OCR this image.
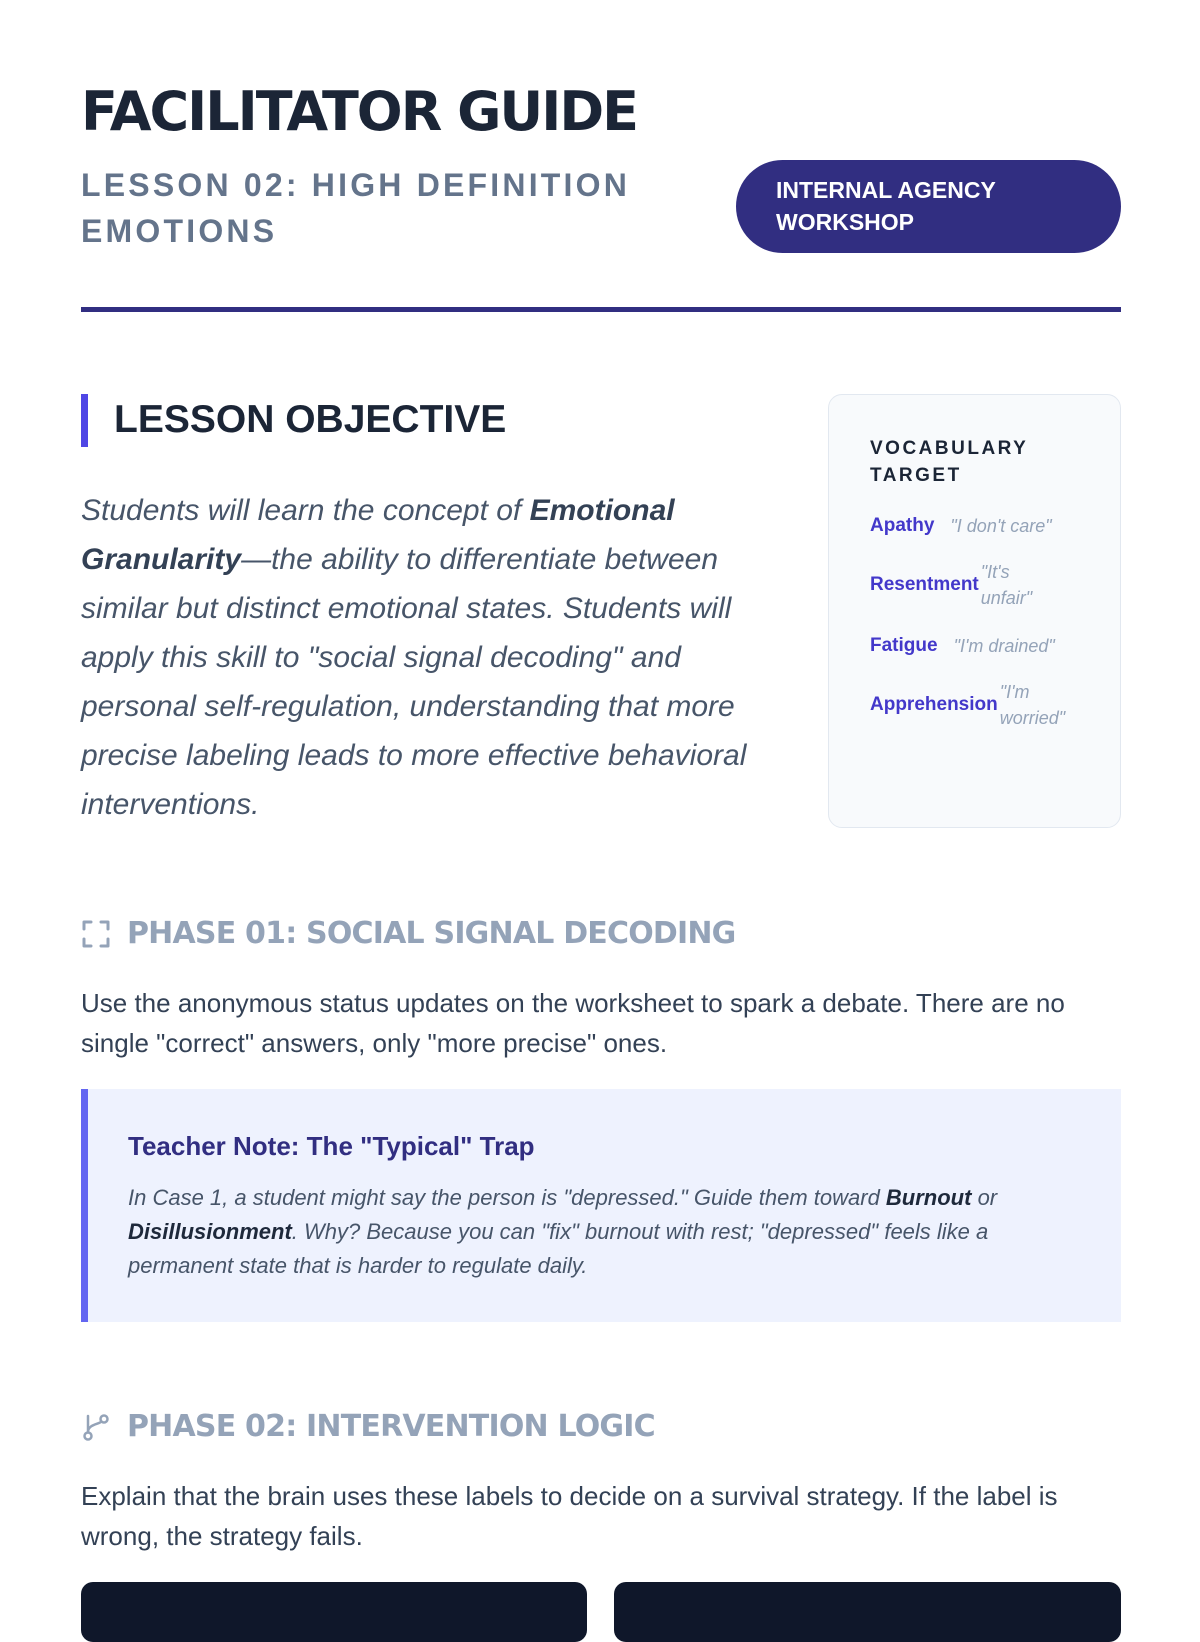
FACILITATOR GUIDE
LESSON 02: HIGH DEFINITION EMOTIONS
INTERNAL AGENCY WORKSHOP
LESSON OBJECTIVE

Students will learn the concept of Emotional Granularity—the ability to differentiate between similar but distinct emotional states. Students will apply this skill to "social signal decoding" and personal self-regulation, understanding that more precise labeling leads to more effective behavioral interventions.

VOCABULARY TARGET
Apathy "I don't care"
Resentment
"It's unfair"
Fatigue "I'm drained"
Apprehension
"I'm worried"
PHASE 01: SOCIAL SIGNAL DECODING

Use the anonymous status updates on the worksheet to spark a debate. There are no single "correct" answers, only "more precise" ones.

Teacher Note: The "Typical" Trap

In Case 1, a student might say the person is "depressed." Guide them toward Burnout or Disillusionment. Why? Because you can "fix" burnout with rest; "depressed" feels like a permanent state that is harder to regulate daily.

PHASE 02: INTERVENTION LOGIC

Explain that the brain uses these labels to decide on a survival strategy. If the label is wrong, the strategy fails.
